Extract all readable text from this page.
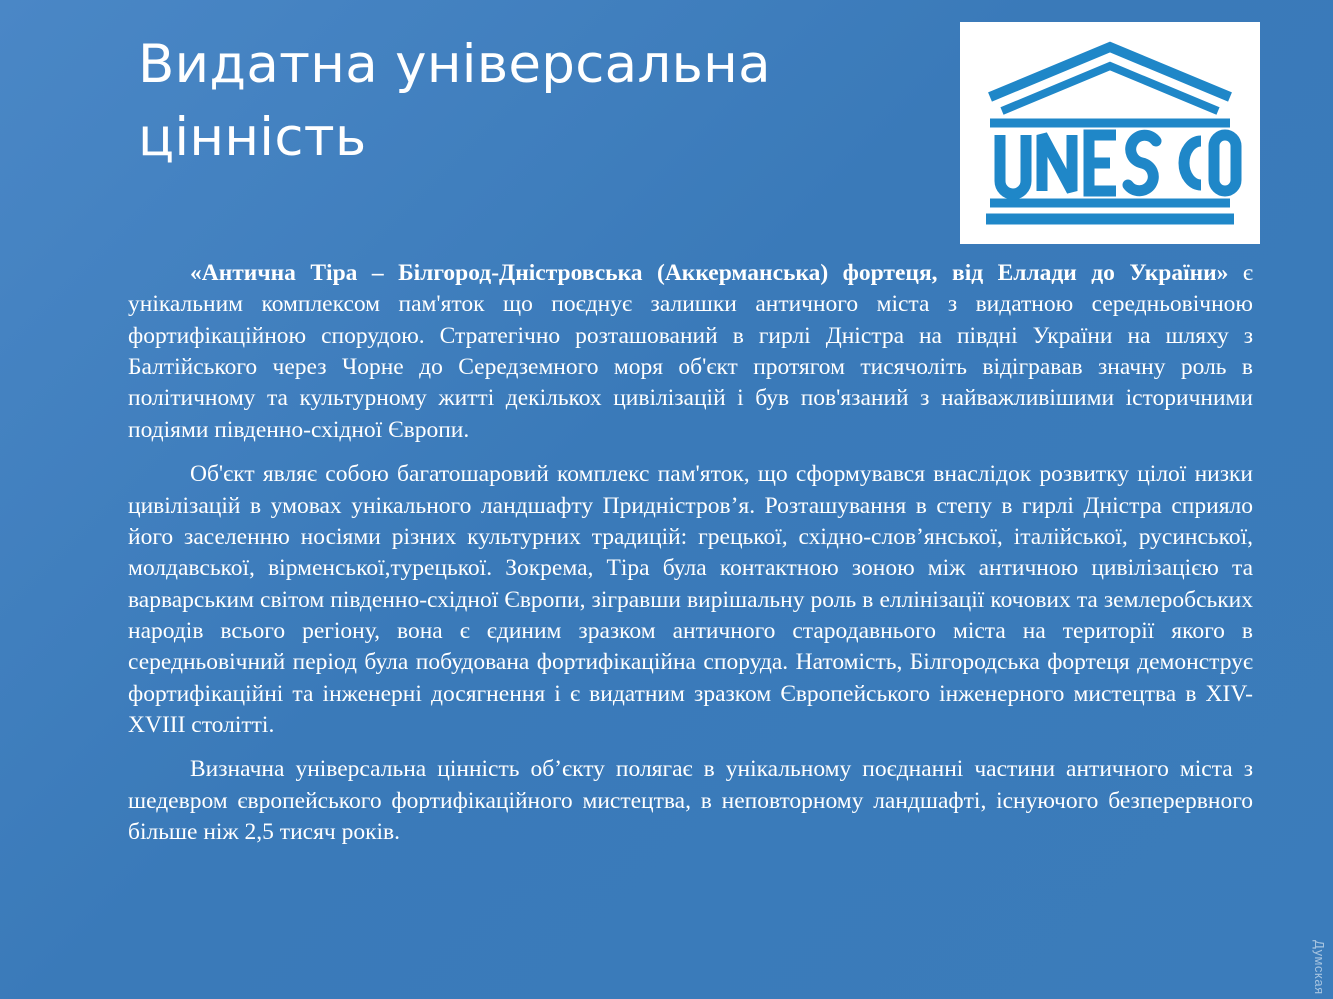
Видатна універсальна цінність

«Антична Тіра – Білгород-Дністровська (Аккерманська) фортеця, від Еллади до України» є унікальним комплексом пам'яток що поєднує залишки античного міста з видатною середньовічною фортифікаційною спорудою. Стратегічно розташований в гирлі Дністра на півдні України на шляху з Балтійського через Чорне до Середземного моря об'єкт протягом тисячоліть відігравав значну роль в політичному та культурному житті декількох цивілізацій і був пов'язаний з найважливішими історичними подіями південно-східної Європи.

Об'єкт являє собою багатошаровий комплекс пам'яток, що сформувався внаслідок розвитку цілої низки цивілізацій в умовах унікального ландшафту Придністров’я. Розташування в степу в гирлі Дністра сприяло його заселенню носіями різних культурних традицій: грецької, східно-слов’янської, італійської, русинської, молдавської, вірменської,турецької. Зокрема, Тіра була контактною зоною між античною цивілізацією та варварським світом південно-східної Європи, зігравши вирішальну роль в еллінізації кочових та землеробських народів всього регіону, вона є єдиним зразком античного стародавнього міста на території якого в середньовічний період була побудована фортифікаційна споруда. Натомість, Білгородська фортеця демонструє фортифікаційні та інженерні досягнення і є видатним зразком Європейського інженерного мистецтва в XIV-XVIII столітті.

Визначна універсальна цінність об’єкту полягає в унікальному поєднанні частини античного міста з шедевром європейського фортифікаційного мистецтва, в неповторному ландшафті, існуючого безперервного більше ніж 2,5 тисяч років.

Думская
